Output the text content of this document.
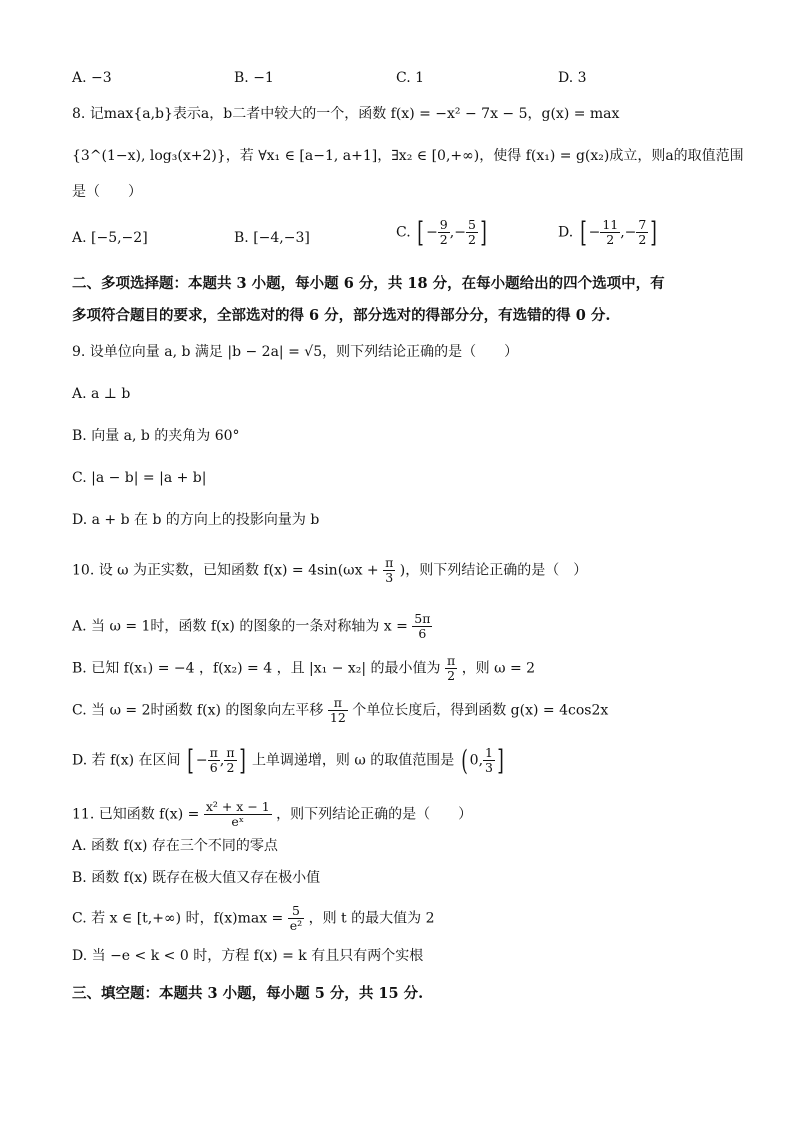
A. −3	B. −1	C. 1	D. 3
8. 记max{a,b}表示a，b二者中较大的一个，函数 f(x) = −x² − 7x − 5，g(x) = max
{3^(1−x), log₃(x+2)}，若 ∀x₁ ∈ [a−1, a+1]，∃x₂ ∈ [0,+∞)，使得 f(x₁) = g(x₂)成立，则a的取值范围
是（　　）
A. [−5,−2]	B. [−4,−3]	C. [ − $\frac{9}{2}$ ,− $\frac{5}{2}$ ]	D. [ − $\frac{11}{2}$ ,− $\frac{7}{2}$ ]
二、多项选择题：本题共 3 小题，每小题 6 分，共 18 分，在每小题给出的四个选项中，有
多项符合题目的要求，全部选对的得 6 分，部分选对的得部分分，有选错的得 0 分.
9. 设单位向量 a, b 满足 |b − 2a| = √5，则下列结论正确的是（　　）
A. a ⊥ b
B. 向量 a, b 的夹角为 60°
C. |a − b| = |a + b|
D. a + b 在 b 的方向上的投影向量为 b
10. 设 ω 为正实数，已知函数 $f(x) = 4\sin(\omega x + \frac{\pi}{3}$ )，则下列结论正确的是（　）
A. 当 ω = 1时，函数 f(x) 的图象的一条对称轴为 $x = \frac{5\pi}{6}$
B. 已知 f(x₁) = −4 ，f(x₂) = 4 ，且 |x₁ − x₂| 的最小值为 $\frac{\pi}{2}$ ，则 ω = 2
C. 当 ω = 2时函数 f(x) 的图象向左平移 $\frac{\pi}{12}$ 个单位长度后，得到函数 g(x) = 4cos2x
D. 若 f(x) 在区间 [ − $\frac{\pi}{6}$ , $\frac{\pi}{2}$ ] 上单调递增，则 ω 的取值范围是 ( 0, $\frac{1}{3}$ ]
11. 已知函数 $f(x) = \frac{\text{x² + x − 1}}{\text{eˣ}}$ ，则下列结论正确的是（　　）
A. 函数 f(x) 存在三个不同的零点
B. 函数 f(x) 既存在极大值又存在极小值
C. 若 x ∈ [t,+∞) 时，$f(x)\max = \frac{5}{\text{e²}}$ ，则 t 的最大值为 2
D. 当 −e < k < 0 时，方程 f(x) = k 有且只有两个实根
三、填空题：本题共 3 小题，每小题 5 分，共 15 分.
